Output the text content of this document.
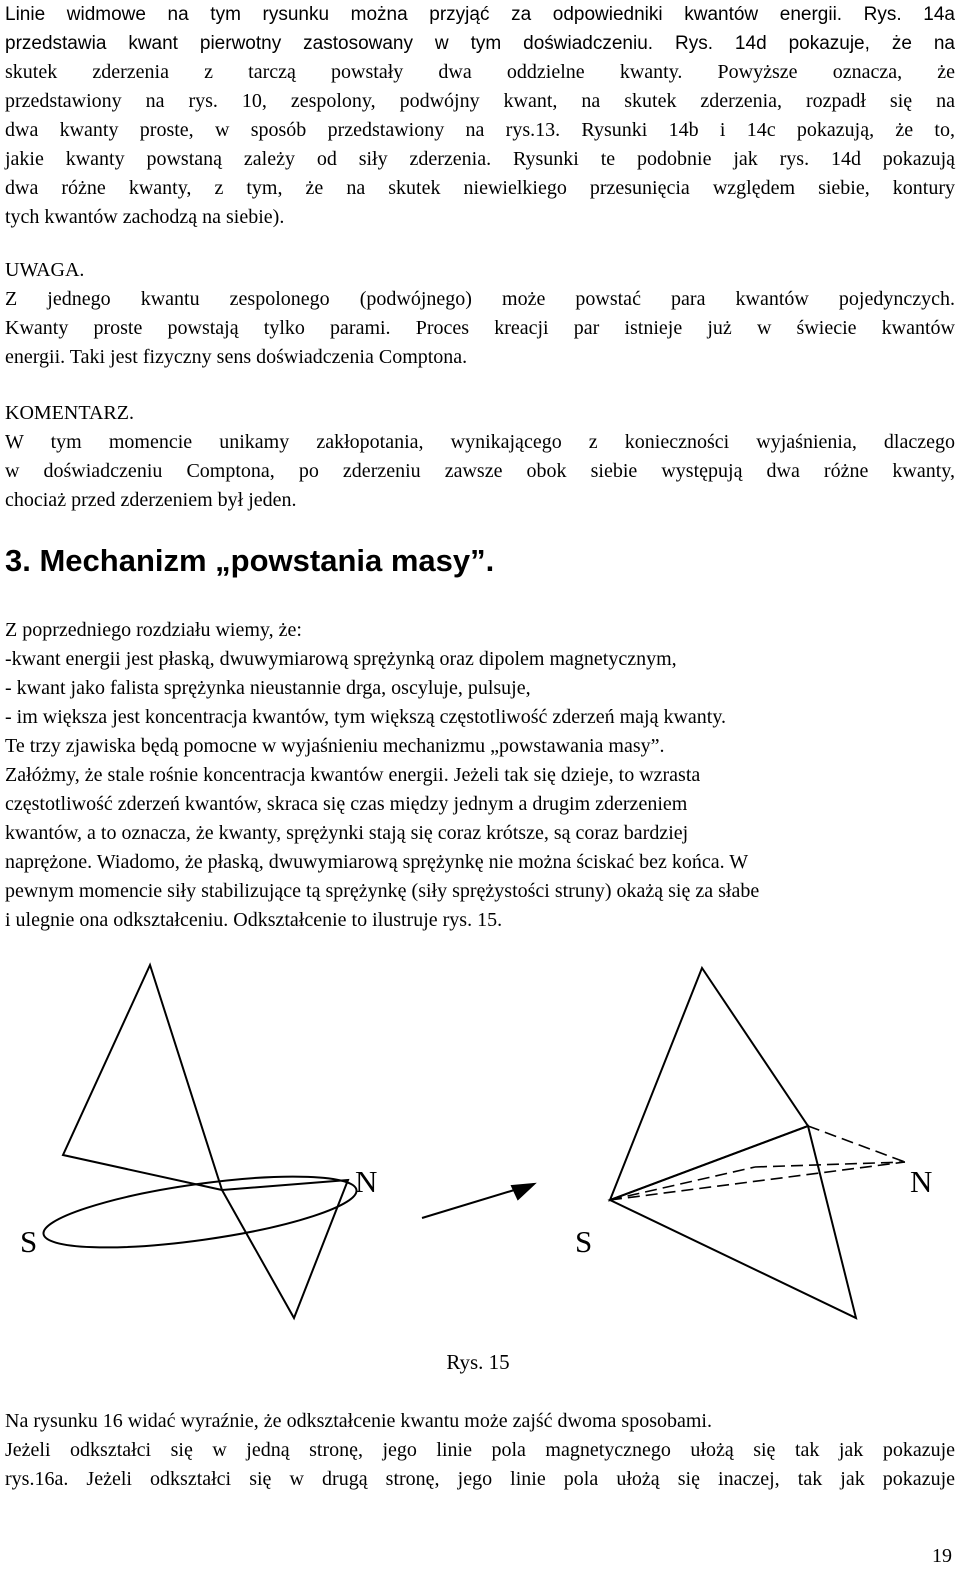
Linie widmowe na tym rysunku można przyjąć za odpowiedniki kwantów energii. Rys. 14a
przedstawia kwant pierwotny zastosowany w tym doświadczeniu. Rys. 14d pokazuje, że na
skutek zderzenia z tarczą powstały dwa oddzielne kwanty. Powyższe oznacza, że
przedstawiony na rys. 10, zespolony, podwójny kwant, na skutek zderzenia, rozpadł się na
dwa kwanty proste, w sposób przedstawiony na rys.13. Rysunki 14b i 14c pokazują, że to,
jakie kwanty powstaną zależy od siły zderzenia. Rysunki te podobnie jak rys. 14d pokazują
dwa różne kwanty, z tym, że na skutek niewielkiego przesunięcia względem siebie, kontury
tych kwantów zachodzą na siebie).
UWAGA.
Z jednego kwantu zespolonego (podwójnego) może powstać para kwantów pojedynczych.
Kwanty proste powstają tylko parami. Proces kreacji par istnieje już w świecie kwantów
energii. Taki jest fizyczny sens doświadczenia Comptona.
KOMENTARZ.
W tym momencie unikamy zakłopotania, wynikającego z konieczności wyjaśnienia, dlaczego
w doświadczeniu Comptona, po zderzeniu zawsze obok siebie występują dwa różne kwanty,
chociaż przed zderzeniem był jeden.
3. Mechanizm „powstania masy”.
Z poprzedniego rozdziału wiemy, że:
-kwant energii jest płaską, dwuwymiarową sprężynką oraz dipolem magnetycznym,
- kwant jako falista sprężynka nieustannie drga, oscyluje, pulsuje,
- im większa jest koncentracja kwantów, tym większą częstotliwość zderzeń mają kwanty.
Te trzy zjawiska będą pomocne w wyjaśnieniu mechanizmu „powstawania masy”.
Załóżmy, że stale rośnie koncentracja kwantów energii. Jeżeli tak się dzieje, to wzrasta
częstotliwość zderzeń kwantów, skraca się czas między jednym a drugim zderzeniem
kwantów, a to oznacza, że kwanty, sprężynki stają się coraz krótsze, są coraz bardziej
naprężone. Wiadomo, że płaską, dwuwymiarową sprężynkę nie można ściskać bez końca. W
pewnym momencie siły stabilizujące tą sprężynkę (siły sprężystości struny) okażą się za słabe
i ulegnie ona odkształceniu. Odkształcenie to ilustruje rys. 15.
S
N
S
N
Rys. 15
Na rysunku 16 widać wyraźnie, że odkształcenie kwantu może zajść dwoma sposobami.
Jeżeli odkształci się w jedną stronę, jego linie pola magnetycznego ułożą się tak jak pokazuje
rys.16a. Jeżeli odkształci się w drugą stronę, jego linie pola ułożą się inaczej, tak jak pokazuje
19
